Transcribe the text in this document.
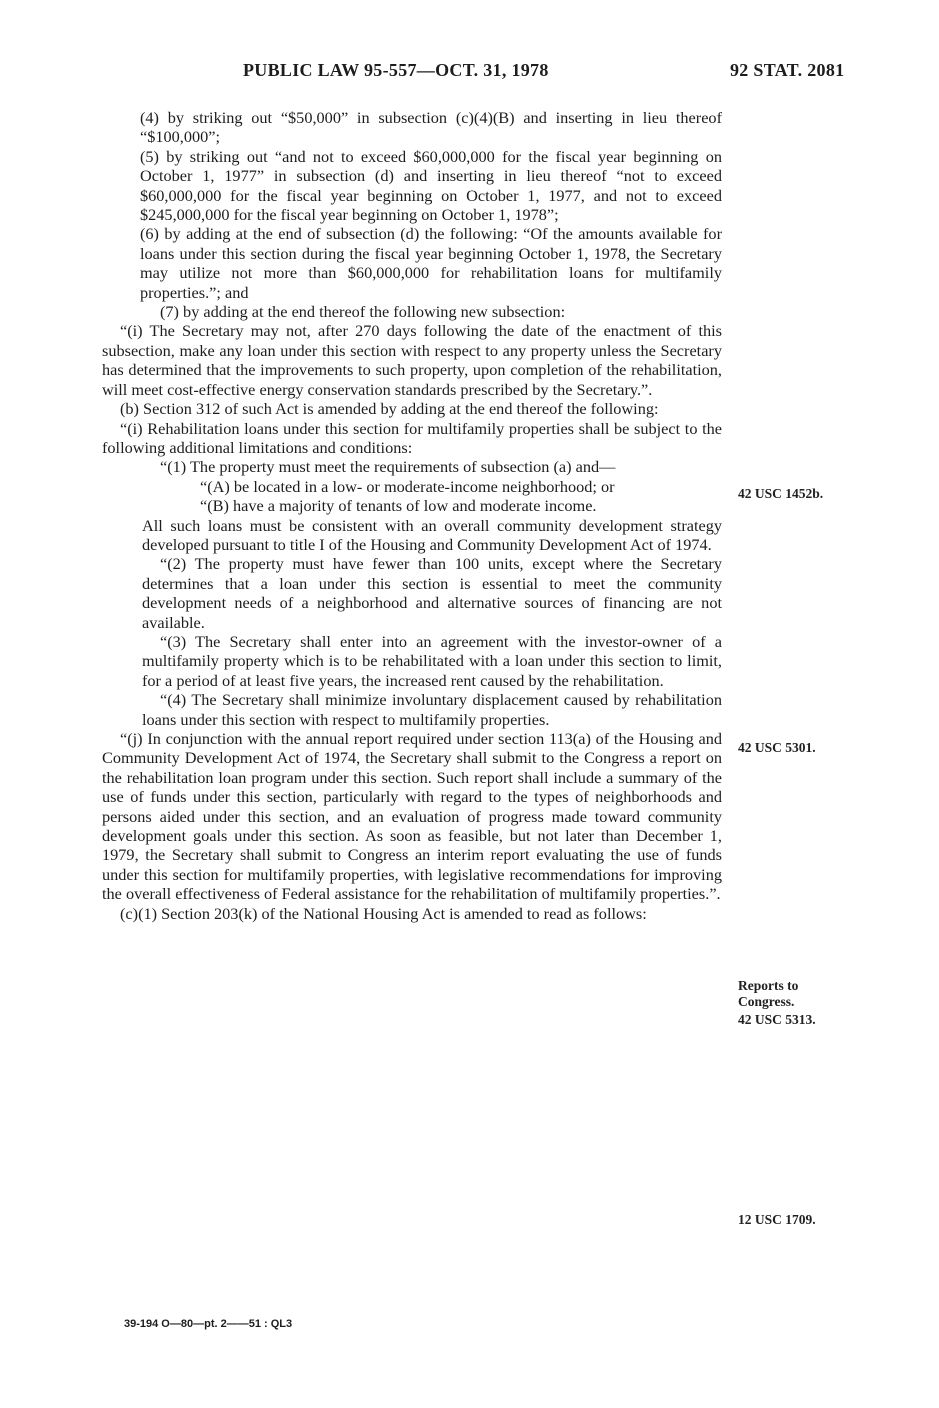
PUBLIC LAW 95-557—OCT. 31, 1978	92 STAT. 2081

(4) by striking out “$50,000” in subsection (c)(4)(B) and inserting in lieu thereof “$100,000”;

(5) by striking out “and not to exceed $60,000,000 for the fiscal year beginning on October 1, 1977” in subsection (d) and inserting in lieu thereof “not to exceed $60,000,000 for the fiscal year beginning on October 1, 1977, and not to exceed $245,000,000 for the fiscal year beginning on October 1, 1978”;

(6) by adding at the end of subsection (d) the following: “Of the amounts available for loans under this section during the fiscal year beginning October 1, 1978, the Secretary may utilize not more than $60,000,000 for rehabilitation loans for multifamily properties.”; and

(7) by adding at the end thereof the following new subsection:

“(i) The Secretary may not, after 270 days following the date of the enactment of this subsection, make any loan under this section with respect to any property unless the Secretary has determined that the improvements to such property, upon completion of the rehabilitation, will meet cost-effective energy conservation standards prescribed by the Secretary.”.

(b) Section 312 of such Act is amended by adding at the end thereof the following:

“(i) Rehabilitation loans under this section for multifamily properties shall be subject to the following additional limitations and conditions:

“(1) The property must meet the requirements of subsection (a) and—

“(A) be located in a low- or moderate-income neighborhood; or

“(B) have a majority of tenants of low and moderate income.

All such loans must be consistent with an overall community development strategy developed pursuant to title I of the Housing and Community Development Act of 1974.

“(2) The property must have fewer than 100 units, except where the Secretary determines that a loan under this section is essential to meet the community development needs of a neighborhood and alternative sources of financing are not available.

“(3) The Secretary shall enter into an agreement with the investor-owner of a multifamily property which is to be rehabilitated with a loan under this section to limit, for a period of at least five years, the increased rent caused by the rehabilitation.

“(4) The Secretary shall minimize involuntary displacement caused by rehabilitation loans under this section with respect to multifamily properties.

“(j) In conjunction with the annual report required under section 113(a) of the Housing and Community Development Act of 1974, the Secretary shall submit to the Congress a report on the rehabilitation loan program under this section. Such report shall include a summary of the use of funds under this section, particularly with regard to the types of neighborhoods and persons aided under this section, and an evaluation of progress made toward community development goals under this section. As soon as feasible, but not later than December 1, 1979, the Secretary shall submit to Congress an interim report evaluating the use of funds under this section for multifamily properties, with legislative recommendations for improving the overall effectiveness of Federal assistance for the rehabilitation of multifamily properties.”.

(c)(1) Section 203(k) of the National Housing Act is amended to read as follows:

42 USC 1452b.
42 USC 5301.
Reports to Congress.
42 USC 5313.
12 USC 1709.
39-194 O—80—pt. 2——51 : QL3
